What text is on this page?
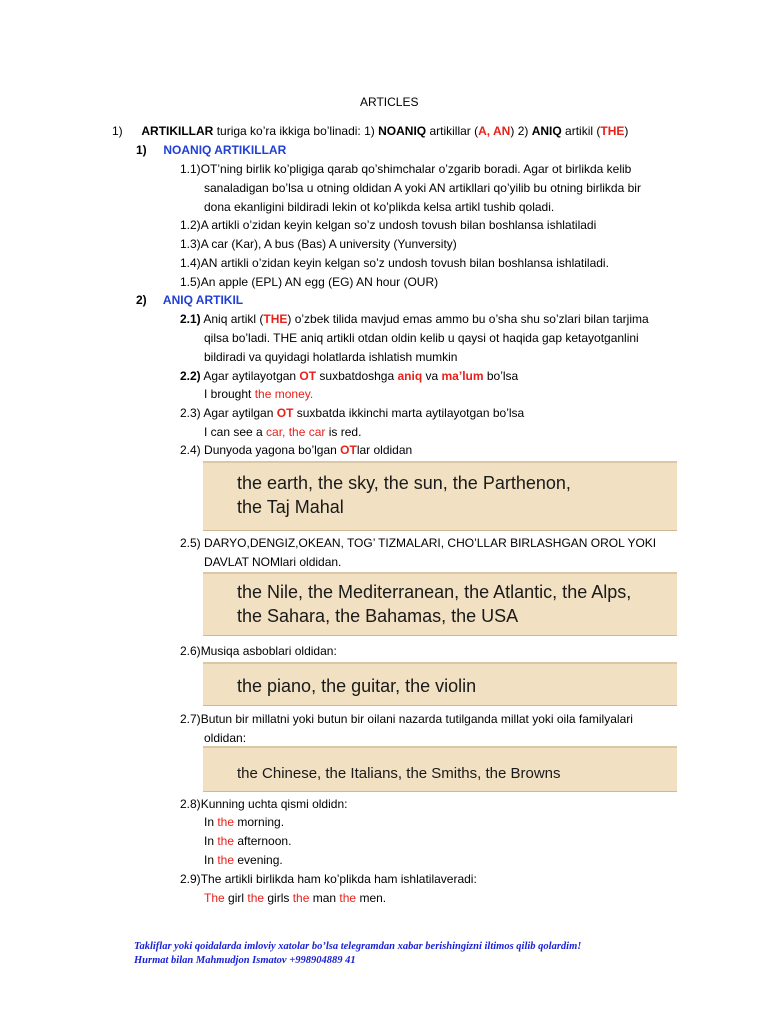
ARTICLES
1) ARTIKILLAR turiga ko’ra ikkiga bo’linadi: 1) NOANIQ artikillar (A, AN) 2) ANIQ artikil (THE)
1) NOANIQ ARTIKILLAR
1.1)OT’ning birlik ko’pligiga qarab qo’shimchalar o’zgarib boradi. Agar ot birlikda kelib
sanaladigan bo’lsa u otning oldidan A yoki AN artikllari qo’yilib bu otning birlikda bir
dona ekanligini bildiradi lekin ot ko’plikda kelsa artikl tushib qoladi.
1.2)A artikli o’zidan keyin kelgan so’z undosh tovush bilan boshlansa ishlatiladi
1.3)A car (Kar), A bus (Bas) A university (Yunversity)
1.4)AN artikli o’zidan keyin kelgan so’z undosh tovush bilan boshlansa ishlatiladi.
1.5)An apple (EPL) AN egg (EG) AN hour (OUR)
2) ANIQ ARTIKIL
2.1) Aniq artikl (THE) o’zbek tilida mavjud emas ammo bu o’sha shu so’zlari bilan tarjima
qilsa bo’ladi. THE aniq artikli otdan oldin kelib u qaysi ot haqida gap ketayotganlini
bildiradi va quyidagi holatlarda ishlatish mumkin
2.2) Agar aytilayotgan OT suxbatdoshga aniq va ma’lum bo’lsa
I brought the money.
2.3) Agar aytilgan OT suxbatda ikkinchi marta aytilayotgan bo’lsa
I can see a car, the car is red.
2.4) Dunyoda yagona bo’lgan OTlar oldidan
the earth, the sky, the sun, the Parthenon,
the Taj Mahal
2.5) DARYO,DENGIZ,OKEAN, TOG’ TIZMALARI, CHO’LLAR BIRLASHGAN OROL YOKI
DAVLAT NOMlari oldidan.
the Nile, the Mediterranean, the Atlantic, the Alps,
the Sahara, the Bahamas, the USA
2.6)Musiqa asboblari oldidan:
the piano, the guitar, the violin
2.7)Butun bir millatni yoki butun bir oilani nazarda tutilganda millat yoki oila familyalari
oldidan:
the Chinese, the Italians, the Smiths, the Browns
2.8)Kunning uchta qismi oldidn:
In the morning.
In the afternoon.
In the evening.
2.9)The artikli birlikda ham ko’plikda ham ishlatilaveradi:
The girl the girls the man the men.
Takliflar yoki qoidalarda imloviy xatolar bo’lsa telegramdan xabar berishingizni iltimos qilib qolardim!
Hurmat bilan Mahmudjon Ismatov +998904889 41
